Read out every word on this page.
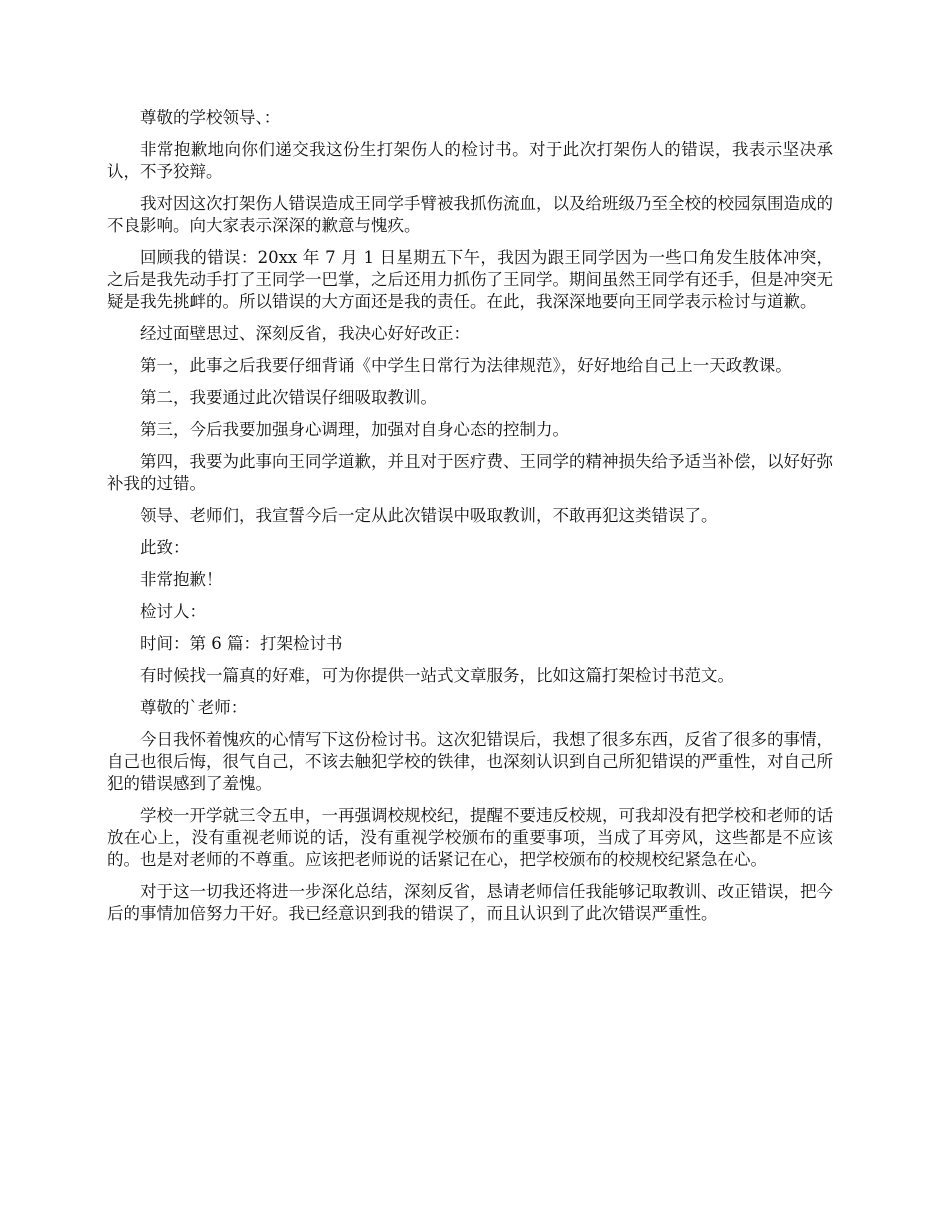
尊敬的学校领导、：

非常抱歉地向你们递交我这份生打架伤人的检讨书。对于此次打架伤人的错误，我表示坚决承认，不予狡辩。

我对因这次打架伤人错误造成王同学手臂被我抓伤流血，以及给班级乃至全校的校园氛围造成的不良影响。向大家表示深深的歉意与愧疚。

回顾我的错误：20xx 年 7 月 1 日星期五下午，我因为跟王同学因为一些口角发生肢体冲突，之后是我先动手打了王同学一巴掌，之后还用力抓伤了王同学。期间虽然王同学有还手，但是冲突无疑是我先挑衅的。所以错误的大方面还是我的责任。在此，我深深地要向王同学表示检讨与道歉。

经过面壁思过、深刻反省，我决心好好改正：

第一，此事之后我要仔细背诵《中学生日常行为法律规范》，好好地给自己上一天政教课。

第二，我要通过此次错误仔细吸取教训。

第三，今后我要加强身心调理，加强对自身心态的控制力。

第四，我要为此事向王同学道歉，并且对于医疗费、王同学的精神损失给予适当补偿，以好好弥补我的过错。

领导、老师们，我宣誓今后一定从此次错误中吸取教训，不敢再犯这类错误了。

此致：

非常抱歉！

检讨人：

时间：第 6 篇：打架检讨书

有时候找一篇真的好难，可为你提供一站式文章服务，比如这篇打架检讨书范文。

尊敬的`老师：

今日我怀着愧疚的心情写下这份检讨书。这次犯错误后，我想了很多东西，反省了很多的事情，自己也很后悔，很气自己，不该去触犯学校的铁律，也深刻认识到自己所犯错误的严重性，对自己所犯的错误感到了羞愧。

学校一开学就三令五申，一再强调校规校纪，提醒不要违反校规，可我却没有把学校和老师的话放在心上，没有重视老师说的话，没有重视学校颁布的重要事项，当成了耳旁风，这些都是不应该的。也是对老师的不尊重。应该把老师说的话紧记在心，把学校颁布的校规校纪紧急在心。

对于这一切我还将进一步深化总结，深刻反省，恳请老师信任我能够记取教训、改正错误，把今后的事情加倍努力干好。我已经意识到我的错误了，而且认识到了此次错误严重性。
